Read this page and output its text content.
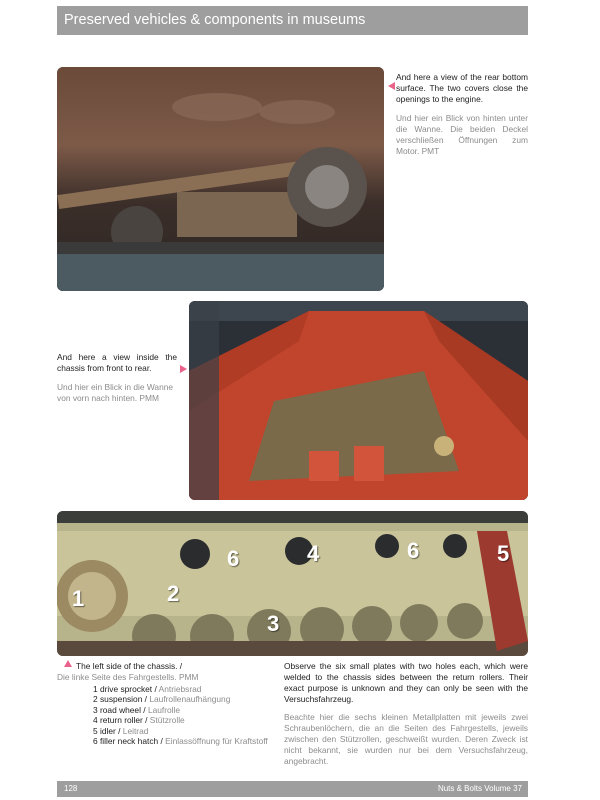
Preserved vehicles & components in museums

And here a view of the rear bottom surface. The two covers close the openings to the engine.

Und hier ein Blick von hinten unter die Wanne. Die beiden Deckel verschließen Öffnungen zum Motor. PMT

And here a view inside the chassis from front to rear.

Und hier ein Blick in die Wanne von vorn nach hinten. PMM

1	2
3
6	4	6	5

The left side of the chassis. /

Die linke Seite des Fahrgestells. PMM

1 drive sprocket / Antriebsrad
2 suspension / Laufrollenaufhängung
3 road wheel / Laufrolle
4 return roller / Stützrolle
5 idler / Leitrad
6 filler neck hatch / Einlassöffnung für Kraftstoff

Observe the six small plates with two holes each, which were welded to the chassis sides between the return rollers. Their exact purpose is unknown and they can only be seen with the Versuchsfahrzeug.

Beachte hier die sechs kleinen Metallplatten mit jeweils zwei Schraubenlöchern, die an die Seiten des Fahrgestells, jeweils zwischen den Stützrollen, geschweißt wurden. Deren Zweck ist nicht bekannt, sie wurden nur bei dem Versuchsfahrzeug, angebracht.

128	Nuts & Bolts Volume 37
